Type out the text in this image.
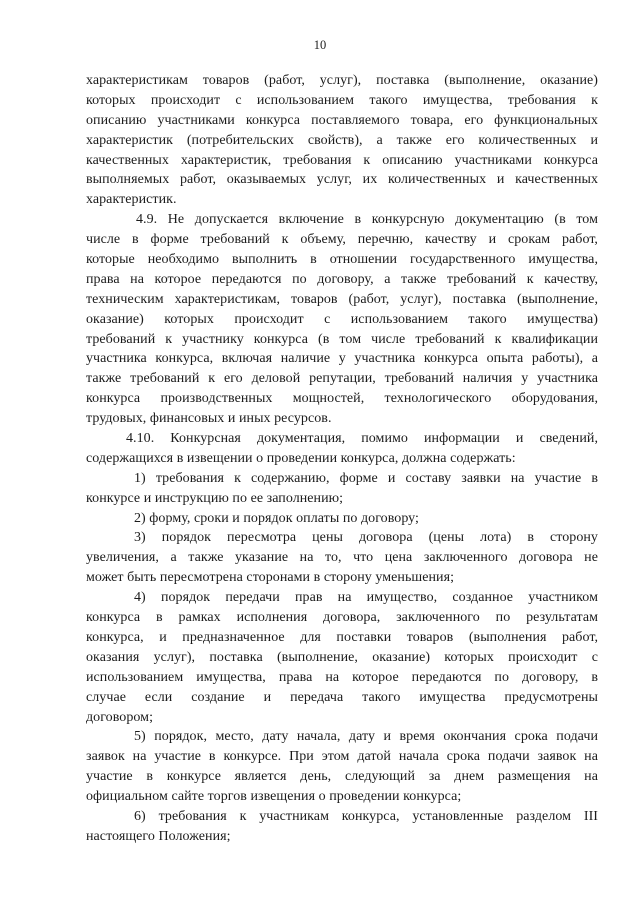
10
характеристикам товаров (работ, услуг), поставка (выполнение, оказание)
которых происходит с использованием такого имущества, требования к
описанию участниками конкурса поставляемого товара, его функциональных
характеристик (потребительских свойств), а также его количественных и
качественных характеристик, требования к описанию участниками конкурса
выполняемых работ, оказываемых услуг, их количественных и качественных
характеристик.
4.9. Не допускается включение в конкурсную документацию (в том
числе в форме требований к объему, перечню, качеству и срокам работ,
которые необходимо выполнить в отношении государственного имущества,
права на которое передаются по договору, а также требований к качеству,
техническим характеристикам, товаров (работ, услуг), поставка (выполнение,
оказание) которых происходит с использованием такого имущества)
требований к участнику конкурса (в том числе требований к квалификации
участника конкурса, включая наличие у участника конкурса опыта работы), а
также требований к его деловой репутации, требований наличия у участника
конкурса производственных мощностей, технологического оборудования,
трудовых, финансовых и иных ресурсов.
4.10. Конкурсная документация, помимо информации и сведений,
содержащихся в извещении о проведении конкурса, должна содержать:
1) требования к содержанию, форме и составу заявки на участие в
конкурсе и инструкцию по ее заполнению;
2) форму, сроки и порядок оплаты по договору;
3) порядок пересмотра цены договора (цены лота) в сторону
увеличения, а также указание на то, что цена заключенного договора не
может быть пересмотрена сторонами в сторону уменьшения;
4) порядок передачи прав на имущество, созданное участником
конкурса в рамках исполнения договора, заключенного по результатам
конкурса, и предназначенное для поставки товаров (выполнения работ,
оказания услуг), поставка (выполнение, оказание) которых происходит с
использованием имущества, права на которое передаются по договору, в
случае если создание и передача такого имущества предусмотрены
договором;
5) порядок, место, дату начала, дату и время окончания срока подачи
заявок на участие в конкурсе. При этом датой начала срока подачи заявок на
участие в конкурсе является день, следующий за днем размещения на
официальном сайте торгов извещения о проведении конкурса;
6) требования к участникам конкурса, установленные разделом III
настоящего Положения;
